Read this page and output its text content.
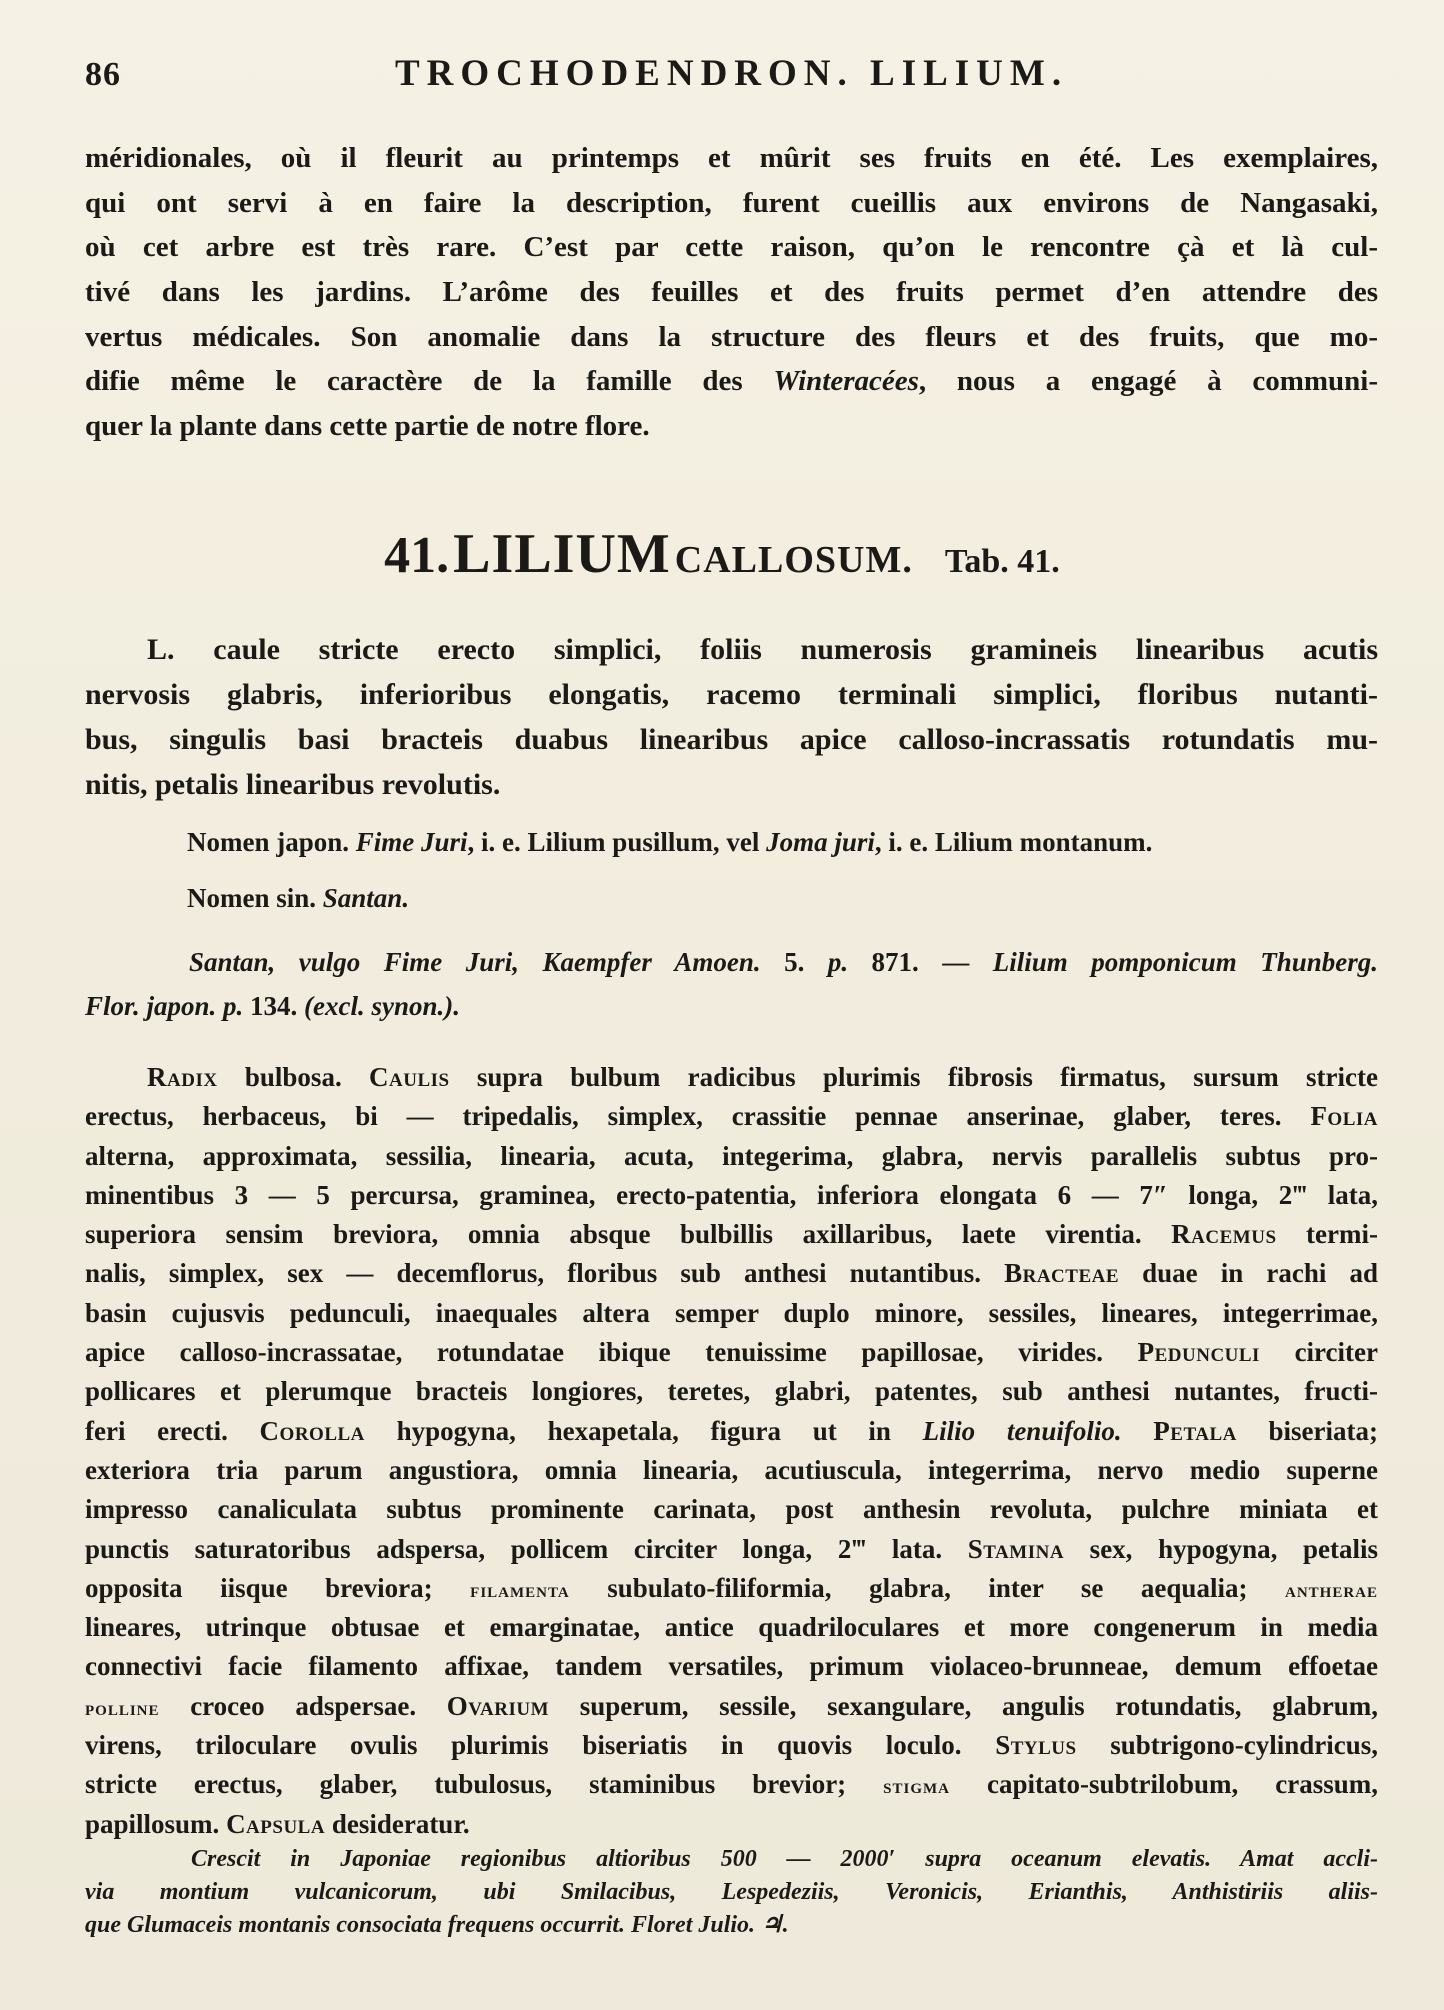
86	TROCHODENDRON. LILIUM.
méridionales, où il fleurit au printemps et mûrit ses fruits en été. Les exemplaires,
qui ont servi à en faire la description, furent cueillis aux environs de Nangasaki,
où cet arbre est très rare. C’est par cette raison, qu’on le rencontre çà et là cul-
tivé dans les jardins. L’arôme des feuilles et des fruits permet d’en attendre des
vertus médicales. Son anomalie dans la structure des fleurs et des fruits, que mo-
difie même le caractère de la famille des Winteracées, nous a engagé à communi-
quer la plante dans cette partie de notre flore.
41. LILIUM CALLOSUM. Tab. 41.
L. caule stricte erecto simplici, foliis numerosis gramineis linearibus acutis
nervosis glabris, inferioribus elongatis, racemo terminali simplici, floribus nutanti-
bus, singulis basi bracteis duabus linearibus apice calloso-incrassatis rotundatis mu-
nitis, petalis linearibus revolutis.
Nomen japon. Fime Juri, i. e. Lilium pusillum, vel Joma juri, i. e. Lilium montanum.
Nomen sin. Santan.
Santan, vulgo Fime Juri, Kaempfer Amoen. 5. p. 871. — Lilium pomponicum Thunberg.
Flor. japon. p. 134. (excl. synon.).
Radix bulbosa. Caulis supra bulbum radicibus plurimis fibrosis firmatus, sursum stricte
erectus, herbaceus, bi — tripedalis, simplex, crassitie pennae anserinae, glaber, teres. Folia
alterna, approximata, sessilia, linearia, acuta, integerima, glabra, nervis parallelis subtus pro-
minentibus 3 — 5 percursa, graminea, erecto-patentia, inferiora elongata 6 — 7″ longa, 2‴ lata,
superiora sensim breviora, omnia absque bulbillis axillaribus, laete virentia. Racemus termi-
nalis, simplex, sex — decemflorus, floribus sub anthesi nutantibus. Bracteae duae in rachi ad
basin cujusvis pedunculi, inaequales altera semper duplo minore, sessiles, lineares, integerrimae,
apice calloso-incrassatae, rotundatae ibique tenuissime papillosae, virides. Pedunculi circiter
pollicares et plerumque bracteis longiores, teretes, glabri, patentes, sub anthesi nutantes, fructi-
feri erecti. Corolla hypogyna, hexapetala, figura ut in Lilio tenuifolio. Petala biseriata;
exteriora tria parum angustiora, omnia linearia, acutiuscula, integerrima, nervo medio superne
impresso canaliculata subtus prominente carinata, post anthesin revoluta, pulchre miniata et
punctis saturatoribus adspersa, pollicem circiter longa, 2‴ lata. Stamina sex, hypogyna, petalis
opposita iisque breviora; filamenta subulato-filiformia, glabra, inter se aequalia; antherae
lineares, utrinque obtusae et emarginatae, antice quadriloculares et more congenerum in media
connectivi facie filamento affixae, tandem versatiles, primum violaceo-brunneae, demum effoetae
polline croceo adspersae. Ovarium superum, sessile, sexangulare, angulis rotundatis, glabrum,
virens, triloculare ovulis plurimis biseriatis in quovis loculo. Stylus subtrigono-cylindricus,
stricte erectus, glaber, tubulosus, staminibus brevior; stigma capitato-subtrilobum, crassum,
papillosum. Capsula desideratur.
Crescit in Japoniae regionibus altioribus 500 — 2000′ supra oceanum elevatis. Amat accli-
via montium vulcanicorum, ubi Smilacibus, Lespedeziis, Veronicis, Erianthis, Anthistiriis aliis-
que Glumaceis montanis consociata frequens occurrit. Floret Julio. ♃.
